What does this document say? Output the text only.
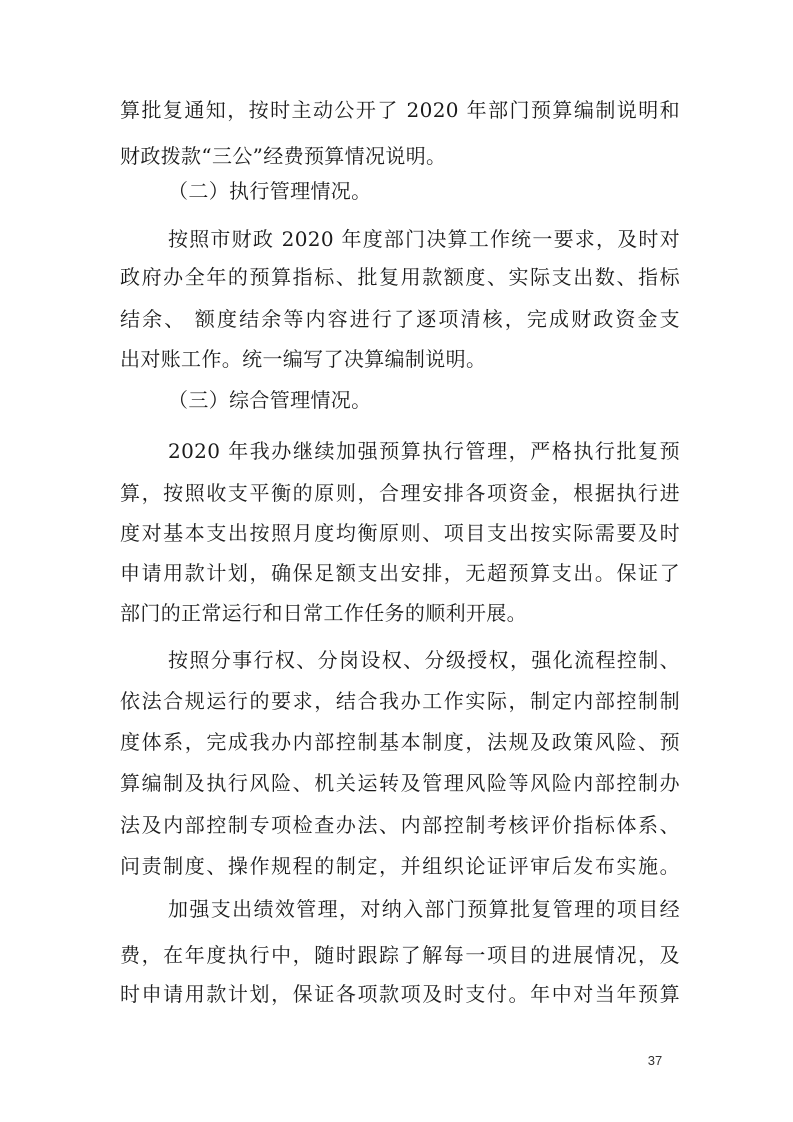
算批复通知，按时主动公开了 2020 年部门预算编制说明和
财政拨款“三公”经费预算情况说明。
（二）执行管理情况。
按照市财政 2020 年度部门决算工作统一要求，及时对
政府办全年的预算指标、批复用款额度、实际支出数、指标
结余、 额度结余等内容进行了逐项清核，完成财政资金支
出对账工作。统一编写了决算编制说明。
（三）综合管理情况。
2020 年我办继续加强预算执行管理，严格执行批复预
算，按照收支平衡的原则，合理安排各项资金，根据执行进
度对基本支出按照月度均衡原则、项目支出按实际需要及时
申请用款计划，确保足额支出安排，无超预算支出。保证了
部门的正常运行和日常工作任务的顺利开展。
按照分事行权、分岗设权、分级授权，强化流程控制、
依法合规运行的要求，结合我办工作实际，制定内部控制制
度体系，完成我办内部控制基本制度，法规及政策风险、预
算编制及执行风险、机关运转及管理风险等风险内部控制办
法及内部控制专项检查办法、内部控制考核评价指标体系、
问责制度、操作规程的制定，并组织论证评审后发布实施。
加强支出绩效管理，对纳入部门预算批复管理的项目经
费，在年度执行中，随时跟踪了解每一项目的进展情况，及
时申请用款计划，保证各项款项及时支付。年中对当年预算
37
